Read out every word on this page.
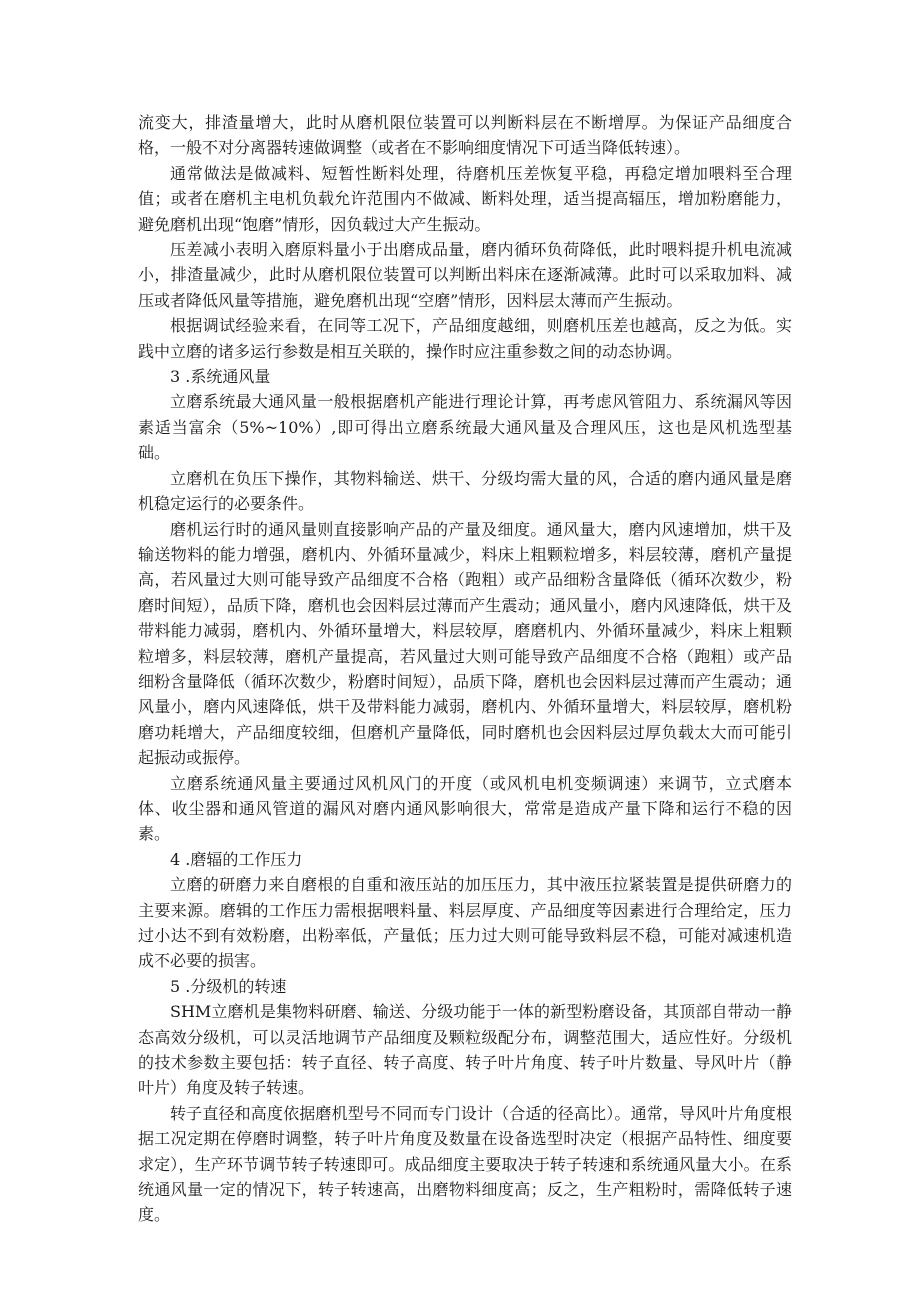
流变大，排渣量增大，此时从磨机限位装置可以判断料层在不断增厚。为保证产品细度合格，一般不对分离器转速做调整（或者在不影响细度情况下可适当降低转速）。

通常做法是做减料、短暂性断料处理，待磨机压差恢复平稳，再稳定增加喂料至合理值；或者在磨机主电机负载允许范围内不做减、断料处理，适当提高辐压，增加粉磨能力，避免磨机出现“饱磨”情形，因负载过大产生振动。

压差减小表明入磨原料量小于出磨成品量，磨内循环负荷降低，此时喂料提升机电流减小，排渣量减少，此时从磨机限位装置可以判断出料床在逐渐减薄。此时可以采取加料、减压或者降低风量等措施，避免磨机出现“空磨”情形，因料层太薄而产生振动。

根据调试经验来看，在同等工况下，产品细度越细，则磨机压差也越高，反之为低。实践中立磨的诸多运行参数是相互关联的，操作时应注重参数之间的动态协调。

3 .系统通风量

立磨系统最大通风量一般根据磨机产能进行理论计算，再考虑风管阻力、系统漏风等因素适当富余（5%~10%）,即可得出立磨系统最大通风量及合理风压，这也是风机选型基础。

立磨机在负压下操作，其物料输送、烘干、分级均需大量的风，合适的磨内通风量是磨机稳定运行的必要条件。

磨机运行时的通风量则直接影响产品的产量及细度。通风量大，磨内风速增加，烘干及输送物料的能力增强，磨机内、外循环量减少，料床上粗颗粒增多，料层较薄，磨机产量提高，若风量过大则可能导致产品细度不合格（跑粗）或产品细粉含量降低（循环次数少，粉磨时间短），品质下降，磨机也会因料层过薄而产生震动；通风量小，磨内风速降低，烘干及带料能力减弱，磨机内、外循环量增大，料层较厚，磨磨机内、外循环量减少，料床上粗颗粒增多，料层较薄，磨机产量提高，若风量过大则可能导致产品细度不合格（跑粗）或产品细粉含量降低（循环次数少，粉磨时间短），品质下降，磨机也会因料层过薄而产生震动；通风量小，磨内风速降低，烘干及带料能力减弱，磨机内、外循环量增大，料层较厚，磨机粉磨功耗增大，产品细度较细，但磨机产量降低，同时磨机也会因料层过厚负载太大而可能引起振动或振停。

立磨系统通风量主要通过风机风门的开度（或风机电机变频调速）来调节，立式磨本体、收尘器和通风管道的漏风对磨内通风影响很大，常常是造成产量下降和运行不稳的因素。

4 .磨辐的工作压力

立磨的研磨力来自磨根的自重和液压站的加压压力，其中液压拉紧装置是提供研磨力的主要来源。磨辑的工作压力需根据喂料量、料层厚度、产品细度等因素进行合理给定，压力过小达不到有效粉磨，出粉率低，产量低；压力过大则可能导致料层不稳，可能对减速机造成不必要的损害。

5 .分级机的转速

SHM立磨机是集物料研磨、输送、分级功能于一体的新型粉磨设备，其顶部自带动一静态高效分级机，可以灵活地调节产品细度及颗粒级配分布，调整范围大，适应性好。分级机的技术参数主要包括：转子直径、转子高度、转子叶片角度、转子叶片数量、导风叶片（静叶片）角度及转子转速。

转子直径和高度依据磨机型号不同而专门设计（合适的径高比）。通常，导风叶片角度根据工况定期在停磨时调整，转子叶片角度及数量在设备选型时决定（根据产品特性、细度要求定），生产环节调节转子转速即可。成品细度主要取决于转子转速和系统通风量大小。在系统通风量一定的情况下，转子转速高，出磨物料细度高；反之，生产粗粉时，需降低转子速度。
